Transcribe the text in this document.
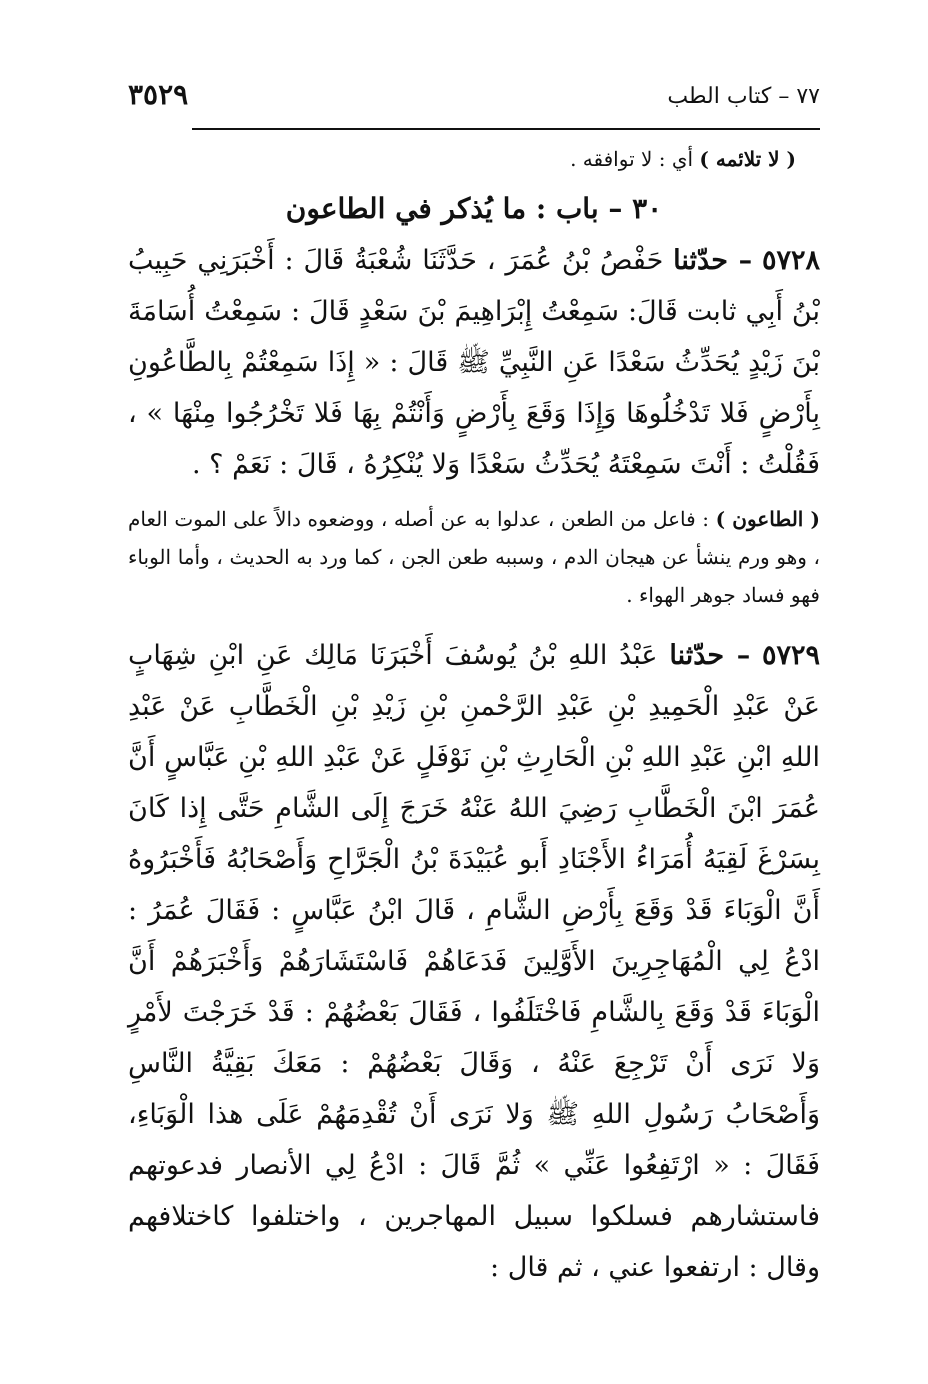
٧٧ – كتاب الطب
٣٥٢٩
( لا تلائمه ) أي : لا توافقه .
٣٠ – باب : ما يُذكر في الطاعون
٥٧٢٨ – حدّثنا حَفْصُ بْنُ عُمَرَ ، حَدَّثَنَا شُعْبَةُ قَالَ : أَخْبَرَنِي حَبِيبُ بْنُ أَبِي ثابت قَالَ: سَمِعْتُ إِبْرَاهِيمَ بْنَ سَعْدٍ قَالَ : سَمِعْتُ أُسَامَةَ بْنَ زَيْدٍ يُحَدِّثُ سَعْدًا عَنِ النَّبِيِّ ﷺ قَالَ : « إِذَا سَمِعْتُمْ بِالطَّاعُونِ بِأَرْضٍ فَلا تَدْخُلُوهَا وَإِذَا وَقَعَ بِأَرْضٍ وَأَنْتُمْ بِهَا فَلا تَخْرُجُوا مِنْهَا » ، فَقُلْتُ : أَنْتَ سَمِعْتَهُ يُحَدِّثُ سَعْدًا وَلا يُنْكِرُهُ ، قَالَ : نَعَمْ ؟ .
( الطاعون ) : فاعل من الطعن ، عدلوا به عن أصله ، ووضعوه دالاً على الموت العام ، وهو ورم ينشأ عن هيجان الدم ، وسببه طعن الجن ، كما ورد به الحديث ، وأما الوباء فهو فساد جوهر الهواء .
٥٧٢٩ – حدّثنا عَبْدُ اللهِ بْنُ يُوسُفَ أَخْبَرَنَا مَالِك عَنِ ابْنِ شِهَابٍ عَنْ عَبْدِ الْحَمِيدِ بْنِ عَبْدِ الرَّحْمنِ بْنِ زَيْدِ بْنِ الْخَطَّابِ عَنْ عَبْدِ اللهِ ابْنِ عَبْدِ اللهِ بْنِ الْحَارِثِ بْنِ نَوْفَلٍ عَنْ عَبْدِ اللهِ بْنِ عَبَّاسٍ أَنَّ عُمَرَ ابْنَ الْخَطَّابِ رَضِيَ اللهُ عَنْهُ خَرَجَ إِلَى الشَّامِ حَتَّى إِذا كَانَ بِسَرْغَ لَقِيَهُ أُمَرَاءُ الأَجْنَادِ أَبو عُبَيْدَةَ بْنُ الْجَرَّاحِ وَأَصْحَابُهُ فَأَخْبَرُوهُ أَنَّ الْوَبَاءَ قَدْ وَقَعَ بِأَرْضِ الشَّامِ ، قَالَ ابْنُ عَبَّاسٍ : فَقَالَ عُمَرُ : ادْعُ لِي الْمُهَاجِرِينَ الأَوَّلِينَ فَدَعَاهُمْ فَاسْتَشَارَهُمْ وَأَخْبَرَهُمْ أَنَّ الْوَبَاءَ قَدْ وَقَعَ بِالشَّامِ فَاخْتَلَفُوا ، فَقَالَ بَعْضُهُمْ : قَدْ خَرَجْتَ لأَمْرٍ وَلا نَرَى أَنْ تَرْجِعَ عَنْهُ ، وَقَالَ بَعْضُهُمْ : مَعَكَ بَقِيَّةُ النَّاسِ وَأَصْحَابُ رَسُولِ اللهِ ﷺ وَلا نَرَى أَنْ تُقْدِمَهُمْ عَلَى هذا الْوَبَاءِ، فَقَالَ : « ارْتَفِعُوا عَنِّي » ثُمَّ قَالَ : ادْعُ لِي الأنصار فدعوتهم فاستشارهم فسلكوا سبيل المهاجرين ، واختلفوا كاختلافهم وقال : ارتفعوا عني ، ثم قال :
